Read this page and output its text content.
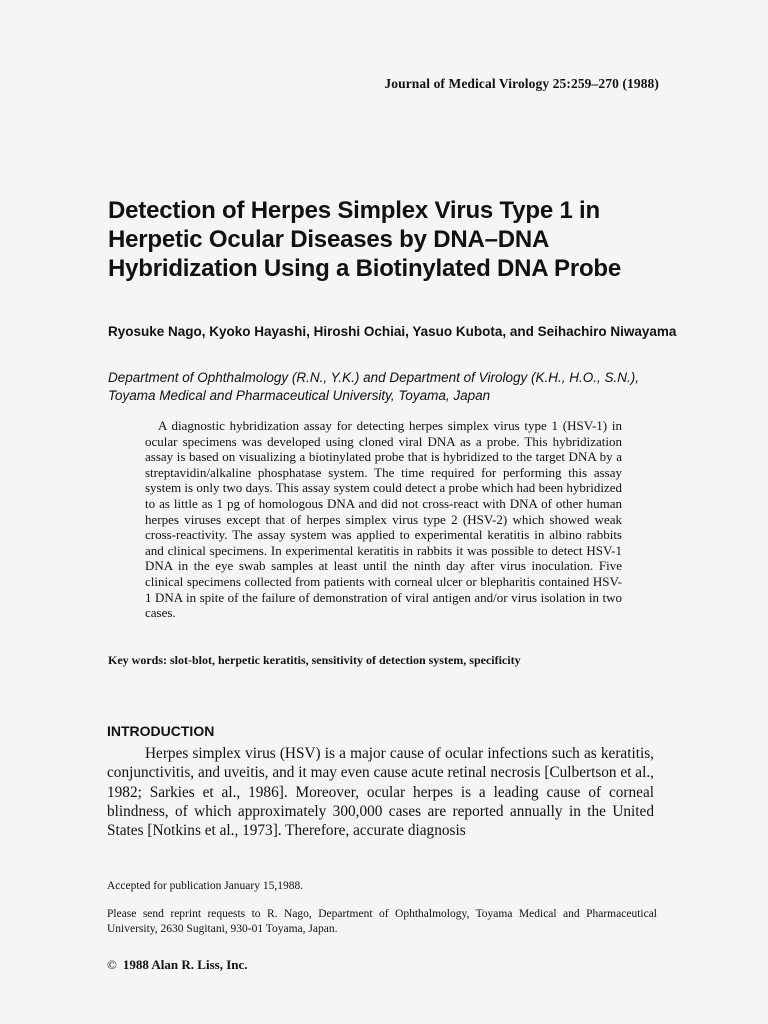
Journal of Medical Virology 25:259–270 (1988)
Detection of Herpes Simplex Virus Type 1 in Herpetic Ocular Diseases by DNA–DNA Hybridization Using a Biotinylated DNA Probe
Ryosuke Nago, Kyoko Hayashi, Hiroshi Ochiai, Yasuo Kubota, and Seihachiro Niwayama
Department of Ophthalmology (R.N., Y.K.) and Department of Virology (K.H., H.O., S.N.), Toyama Medical and Pharmaceutical University, Toyama, Japan

A diagnostic hybridization assay for detecting herpes simplex virus type 1 (HSV-1) in ocular specimens was developed using cloned viral DNA as a probe. This hybridization assay is based on visualizing a biotinylated probe that is hybridized to the target DNA by a streptavidin/alkaline phosphatase system. The time required for performing this assay system is only two days. This assay system could detect a probe which had been hybridized to as little as 1 pg of homologous DNA and did not cross-react with DNA of other human herpes viruses except that of herpes simplex virus type 2 (HSV-2) which showed weak cross-reactivity. The assay system was applied to experimental keratitis in albino rabbits and clinical specimens. In experimental keratitis in rabbits it was possible to detect HSV-1 DNA in the eye swab samples at least until the ninth day after virus inoculation. Five clinical specimens collected from patients with corneal ulcer or blepharitis contained HSV-1 DNA in spite of the failure of demonstration of viral antigen and/or virus isolation in two cases.

Key words: slot-blot, herpetic keratitis, sensitivity of detection system, specificity
INTRODUCTION

Herpes simplex virus (HSV) is a major cause of ocular infections such as keratitis, conjunctivitis, and uveitis, and it may even cause acute retinal necrosis [Culbertson et al., 1982; Sarkies et al., 1986]. Moreover, ocular herpes is a leading cause of corneal blindness, of which approximately 300,000 cases are reported annually in the United States [Notkins et al., 1973]. Therefore, accurate diagnosis

Accepted for publication January 15,1988.
Please send reprint requests to R. Nago, Department of Ophthalmology, Toyama Medical and Pharmaceutical University, 2630 Sugitani, 930-01 Toyama, Japan.
© 1988 Alan R. Liss, Inc.
